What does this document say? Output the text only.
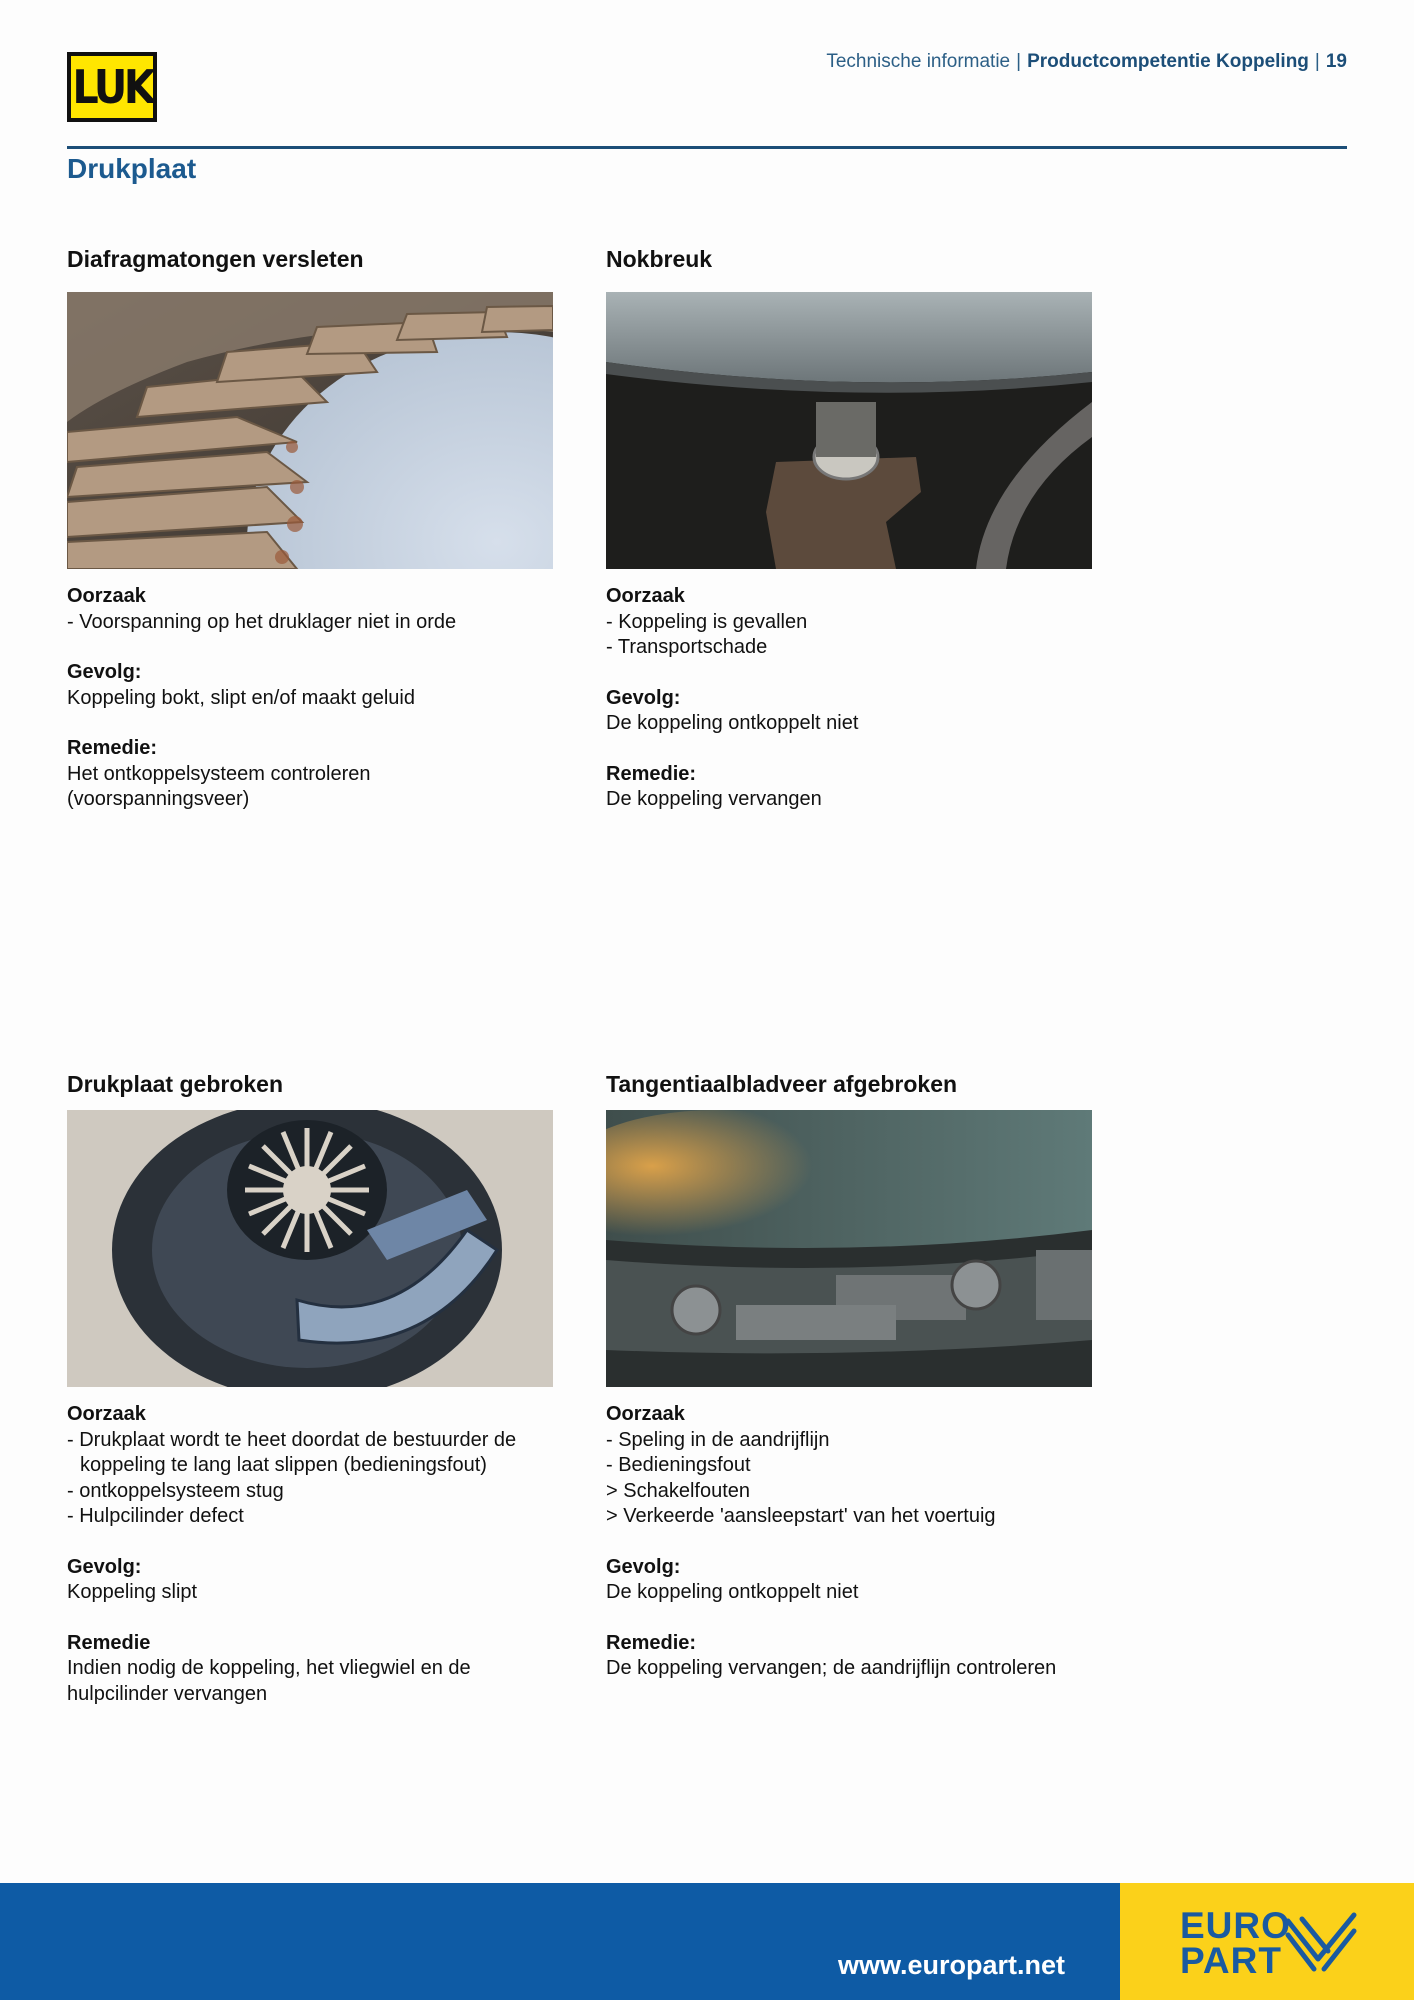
LUK	Technische informatie | Productcompetentie Koppeling | 19
Drukplaat
Diafragmatongen versleten
Oorzaak
- Voorspanning op het druklager niet in orde
Gevolg:
Koppeling bokt, slipt en/of maakt geluid
Remedie:
Het ontkoppelsysteem controleren
(voorspanningsveer)
Nokbreuk
Oorzaak
- Koppeling is gevallen
- Transportschade
Gevolg:
De koppeling ontkoppelt niet
Remedie:
De koppeling vervangen
Drukplaat gebroken
Oorzaak
- Drukplaat wordt te heet doordat de bestuurder de
koppeling te lang laat slippen (bedieningsfout)
- ontkoppelsysteem stug
- Hulpcilinder defect
Gevolg:
Koppeling slipt
Remedie
Indien nodig de koppeling, het vliegwiel en de
hulpcilinder vervangen
Tangentiaalbladveer afgebroken
Oorzaak
- Speling in de aandrijflijn
- Bedieningsfout
> Schakelfouten
> Verkeerde 'aansleepstart' van het voertuig
Gevolg:
De koppeling ontkoppelt niet
Remedie:
De koppeling vervangen; de aandrijflijn controleren
www.europart.net
EURO
PART
